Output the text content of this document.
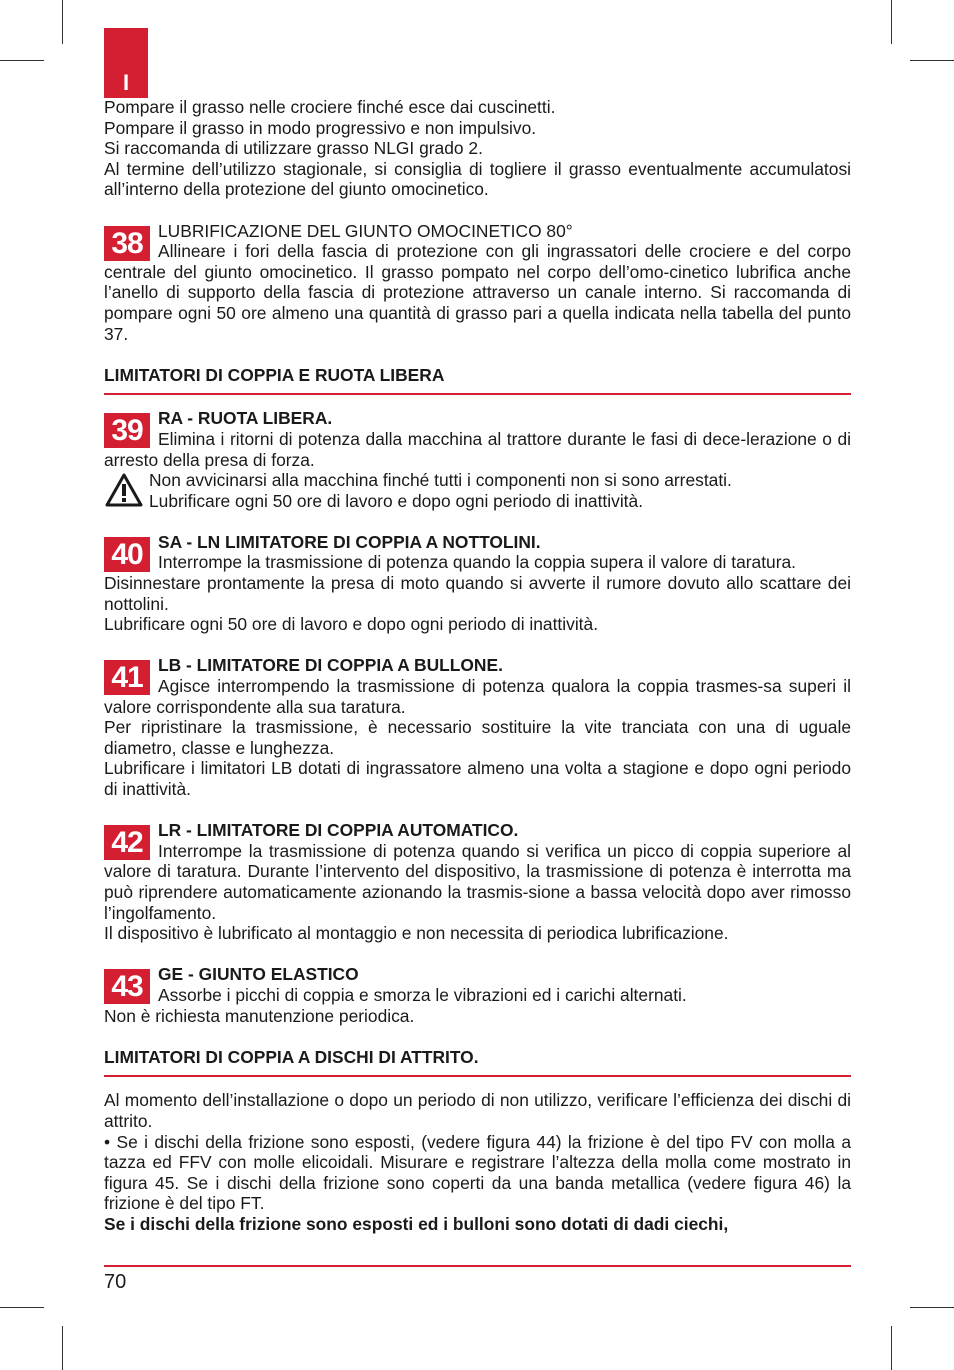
I

Pompare il grasso nelle crociere finché esce dai cuscinetti.

Pompare il grasso in modo progressivo e non impulsivo.

Si raccomanda di utilizzare grasso NLGI grado 2.

Al termine dell’utilizzo stagionale, si consiglia di togliere il grasso eventualmente accumulatosi all’interno della protezione del giunto omocinetico.

38 LUBRIFICAZIONE DEL GIUNTO OMOCINETICO 80°

Allineare i fori della fascia di protezione con gli ingrassatori delle crociere e del corpo centrale del giunto omocinetico. Il grasso pompato nel corpo dell’omo-cinetico lubrifica anche l’anello di supporto della fascia di protezione attraverso un canale interno. Si raccomanda di pompare ogni 50 ore almeno una quantità di grasso pari a quella indicata nella tabella del punto 37.

LIMITATORI DI COPPIA E RUOTA LIBERA
39 RA - RUOTA LIBERA.

Elimina i ritorni di potenza dalla macchina al trattore durante le fasi di dece-lerazione o di arresto della presa di forza.

Non avvicinarsi alla macchina finché tutti i componenti non si sono arrestati.

Lubrificare ogni 50 ore di lavoro e dopo ogni periodo di inattività.

40 SA - LN LIMITATORE DI COPPIA A NOTTOLINI.

Interrompe la trasmissione di potenza quando la coppia supera il valore di taratura.

Disinnestare prontamente la presa di moto quando si avverte il rumore dovuto allo scattare dei nottolini.

Lubrificare ogni 50 ore di lavoro e dopo ogni periodo di inattività.

41 LB - LIMITATORE DI COPPIA A BULLONE.

Agisce interrompendo la trasmissione di potenza qualora la coppia trasmes-sa superi il valore corrispondente alla sua taratura.

Per ripristinare la trasmissione, è necessario sostituire la vite tranciata con una di uguale diametro, classe e lunghezza.

Lubrificare i limitatori LB dotati di ingrassatore almeno una volta a stagione e dopo ogni periodo di inattività.

42 LR - LIMITATORE DI COPPIA AUTOMATICO.

Interrompe la trasmissione di potenza quando si verifica un picco di coppia superiore al valore di taratura. Durante l’intervento del dispositivo, la trasmissione di potenza è interrotta ma può riprendere automaticamente azionando la trasmis-sione a bassa velocità dopo aver rimosso l’ingolfamento.

Il dispositivo è lubrificato al montaggio e non necessita di periodica lubrificazione.

43 GE - GIUNTO ELASTICO

Assorbe i picchi di coppia e smorza le vibrazioni ed i carichi alternati.

Non è richiesta manutenzione periodica.

LIMITATORI DI COPPIA A DISCHI DI ATTRITO.

Al momento dell’installazione o dopo un periodo di non utilizzo, verificare l’efficienza dei dischi di attrito.

• Se i dischi della frizione sono esposti, (vedere figura 44) la frizione è del tipo FV con molla a tazza ed FFV con molle elicoidali. Misurare e registrare l’altezza della molla come mostrato in figura 45. Se i dischi della frizione sono coperti da una banda metallica (vedere figura 46) la frizione è del tipo FT.

Se i dischi della frizione sono esposti ed i bulloni sono dotati di dadi ciechi,

70
